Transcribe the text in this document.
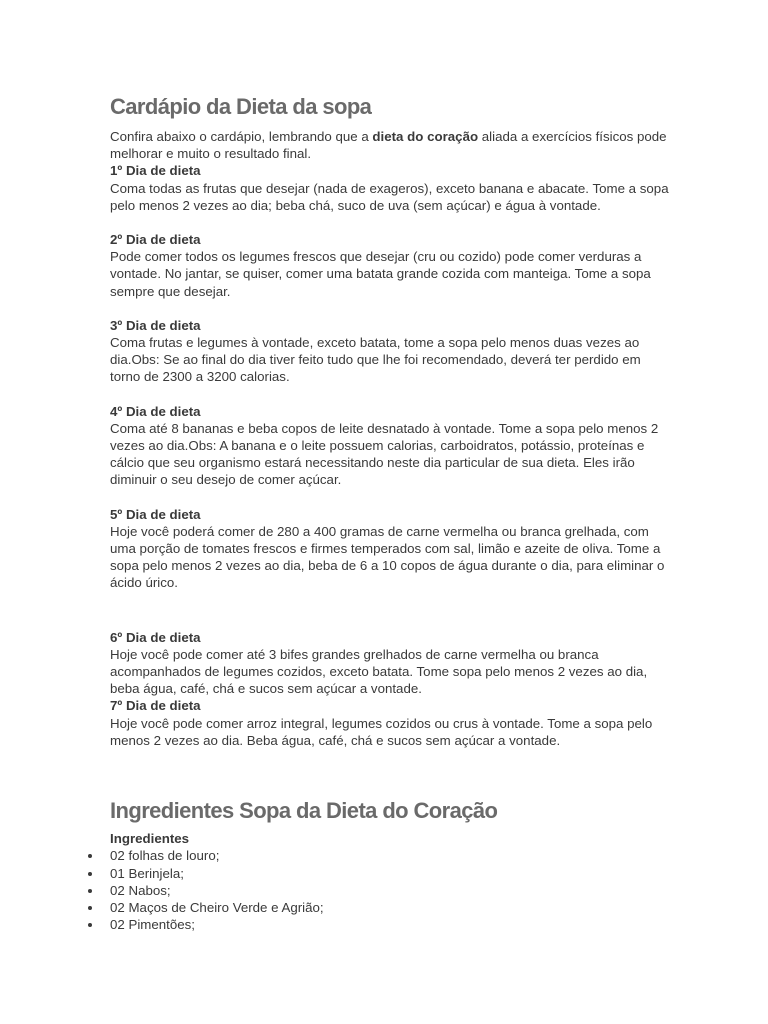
Cardápio da Dieta da sopa

Confira abaixo o cardápio, lembrando que a dieta do coração aliada a exercícios físicos pode melhorar e muito o resultado final.

1º Dia de dieta

Coma todas as frutas que desejar (nada de exageros), exceto banana e abacate. Tome a sopa pelo menos 2 vezes ao dia; beba chá, suco de uva (sem açúcar) e água à vontade.

2º Dia de dieta

Pode comer todos os legumes frescos que desejar (cru ou cozido) pode comer verduras a vontade. No jantar, se quiser, comer uma batata grande cozida com manteiga. Tome a sopa sempre que desejar.

3º Dia de dieta

Coma frutas e legumes à vontade, exceto batata, tome a sopa pelo menos duas vezes ao dia.Obs: Se ao final do dia tiver feito tudo que lhe foi recomendado, deverá ter perdido em torno de 2300 a 3200 calorias.

4º Dia de dieta

Coma até 8 bananas e beba copos de leite desnatado à vontade. Tome a sopa pelo menos 2 vezes ao dia.Obs: A banana e o leite possuem calorias, carboidratos, potássio, proteínas e cálcio que seu organismo estará necessitando neste dia particular de sua dieta. Eles irão diminuir o seu desejo de comer açúcar.

5º Dia de dieta

Hoje você poderá comer de 280 a 400 gramas de carne vermelha ou branca grelhada, com uma porção de tomates frescos e firmes temperados com sal, limão e azeite de oliva. Tome a sopa pelo menos 2 vezes ao dia, beba de 6 a 10 copos de água durante o dia, para eliminar o ácido úrico.

6º Dia de dieta

Hoje você pode comer até 3 bifes grandes grelhados de carne vermelha ou branca acompanhados de legumes cozidos, exceto batata. Tome sopa pelo menos 2 vezes ao dia, beba água, café, chá e sucos sem açúcar a vontade.

7º Dia de dieta

Hoje você pode comer arroz integral, legumes cozidos ou crus à vontade. Tome a sopa pelo menos 2 vezes ao dia. Beba água, café, chá e sucos sem açúcar a vontade.

Ingredientes Sopa da Dieta do Coração

Ingredientes

02 folhas de louro;
01 Berinjela;
02 Nabos;
02 Maços de Cheiro Verde e Agrião;
02 Pimentões;
